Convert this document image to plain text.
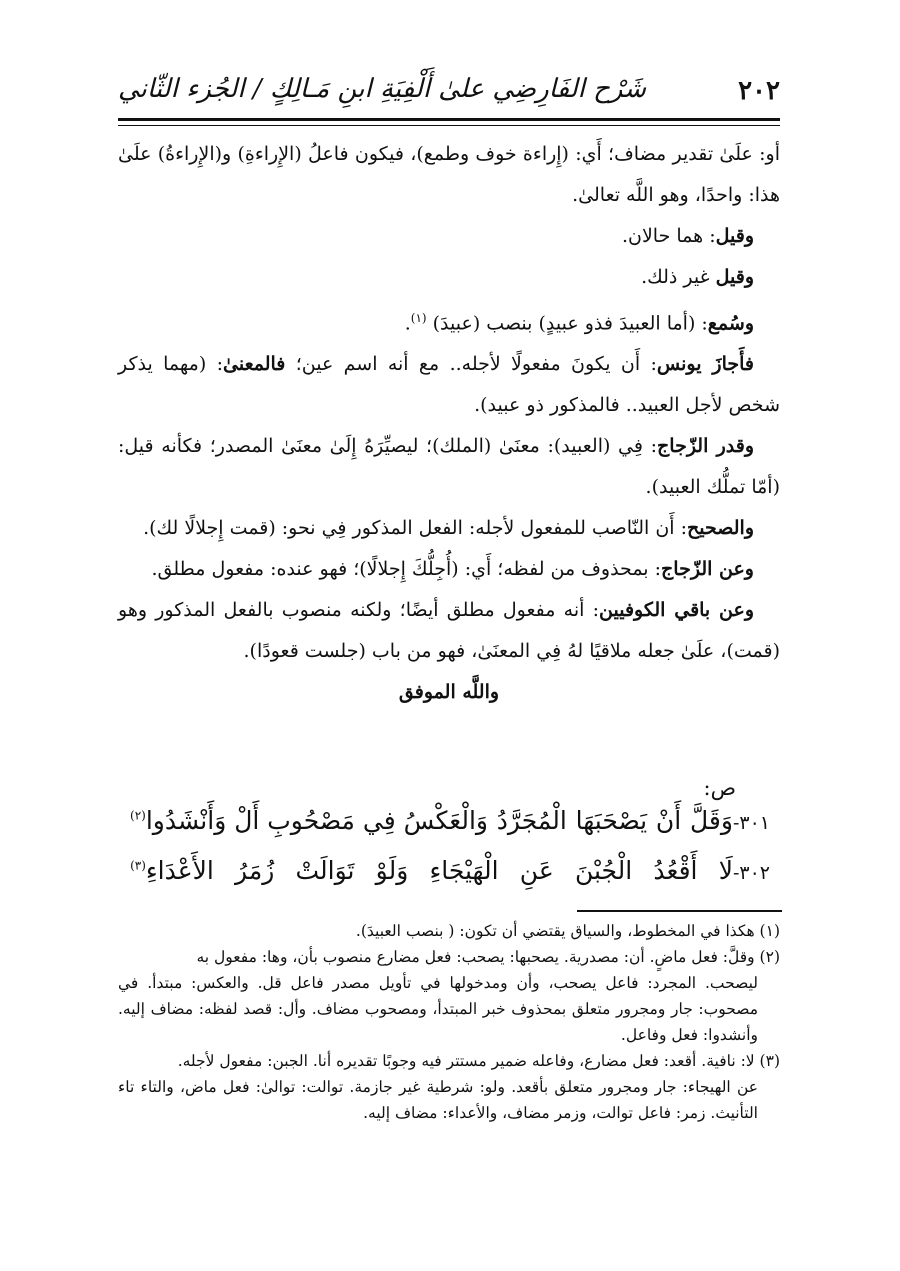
٢٠٢
شَرْح الفَارِضِي علىٰ أَلْفِيَةِ ابنِ مَـالِكٍ / الجُزء الثّاني

أو: علَىٰ تقدير مضاف؛ أَي: (إِراءة خوف وطمع)، فيكون فاعلُ (الإِراءةِ) و(الإِراءةُ) علَىٰ هذا: واحدًا، وهو اللَّه تعالىٰ.

وقيل: هما حالان.

وقيل غير ذلك.

وسُمع: (أما العبيدَ فذو عبيدٍ) بنصب (عبيدَ) $^{(١)}$.

فأَجازَ يونس: أَن يكونَ مفعولًا لأجله.. مع أنه اسم عين؛ فالمعنىٰ: (مهما يذكر شخص لأجل العبيد.. فالمذكور ذو عبيد).

وقدر الزّجاج: فِي (العبيد): معنَىٰ (الملك)؛ ليصيِّرَهُ إِلَىٰ معنَىٰ المصدر؛ فكأنه قيل: (أمّا تملُّك العبيد).

والصحيح: أَن النّاصب للمفعول لأجله: الفعل المذكور فِي نحو: (قمت إِجلالًا لك).

وعن الزّجاج: بمحذوف من لفظه؛ أَي: (أُجِلُّكَ إِجلالًا)؛ فهو عنده: مفعول مطلق.

وعن باقي الكوفيين: أنه مفعول مطلق أيضًا؛ ولكنه منصوب بالفعل المذكور وهو (قمت)، علَىٰ جعله ملاقيًا لهُ فِي المعنَىٰ، فهو من باب (جلست قعودًا).

واللَّه الموفق

ص:
٣٠١-وَقَلَّ
أَنْ
يَصْحَبَهَا
الْمُجَرَّدُ
وَالْعَكْسُ فِي مَصْحُوبِ أَلْ وَأَنْشَدُوا$^{(٢)}$
٣٠٢-لَا
أَقْعُدُ
الْجُبْنَ
عَنِ
الْهَيْجَاءِ
وَلَوْ
تَوَالَتْ
زُمَرُ
الأَعْدَاءِ$^{(٣)}$

(١) هكذا في المخطوط، والسياق يقتضي أن تكون: ( بنصب العبيدَ).

(٢) وقلَّ: فعل ماضٍ. أن: مصدرية. يصحبها: يصحب: فعل مضارع منصوب بأن، وها: مفعول به
ليصحب. المجرد: فاعل يصحب، وأن ومدخولها في تأويل مصدر فاعل قل. والعكس: مبتدأ. في مصحوب: جار ومجرور متعلق بمحذوف خبر المبتدأ، ومصحوب مضاف. وأل: قصد لفظه: مضاف إليه. وأنشدوا: فعل وفاعل.

(٣) لا: نافية. أقعد: فعل مضارع، وفاعله ضمير مستتر فيه وجوبًا تقديره أنا. الجبن: مفعول لأجله.
عن الهيجاء: جار ومجرور متعلق بأقعد. ولو: شرطية غير جازمة. توالت: توالىٰ: فعل ماض، والتاء تاء التأنيث. زمر: فاعل توالت، وزمر مضاف، والأعداء: مضاف إليه.
